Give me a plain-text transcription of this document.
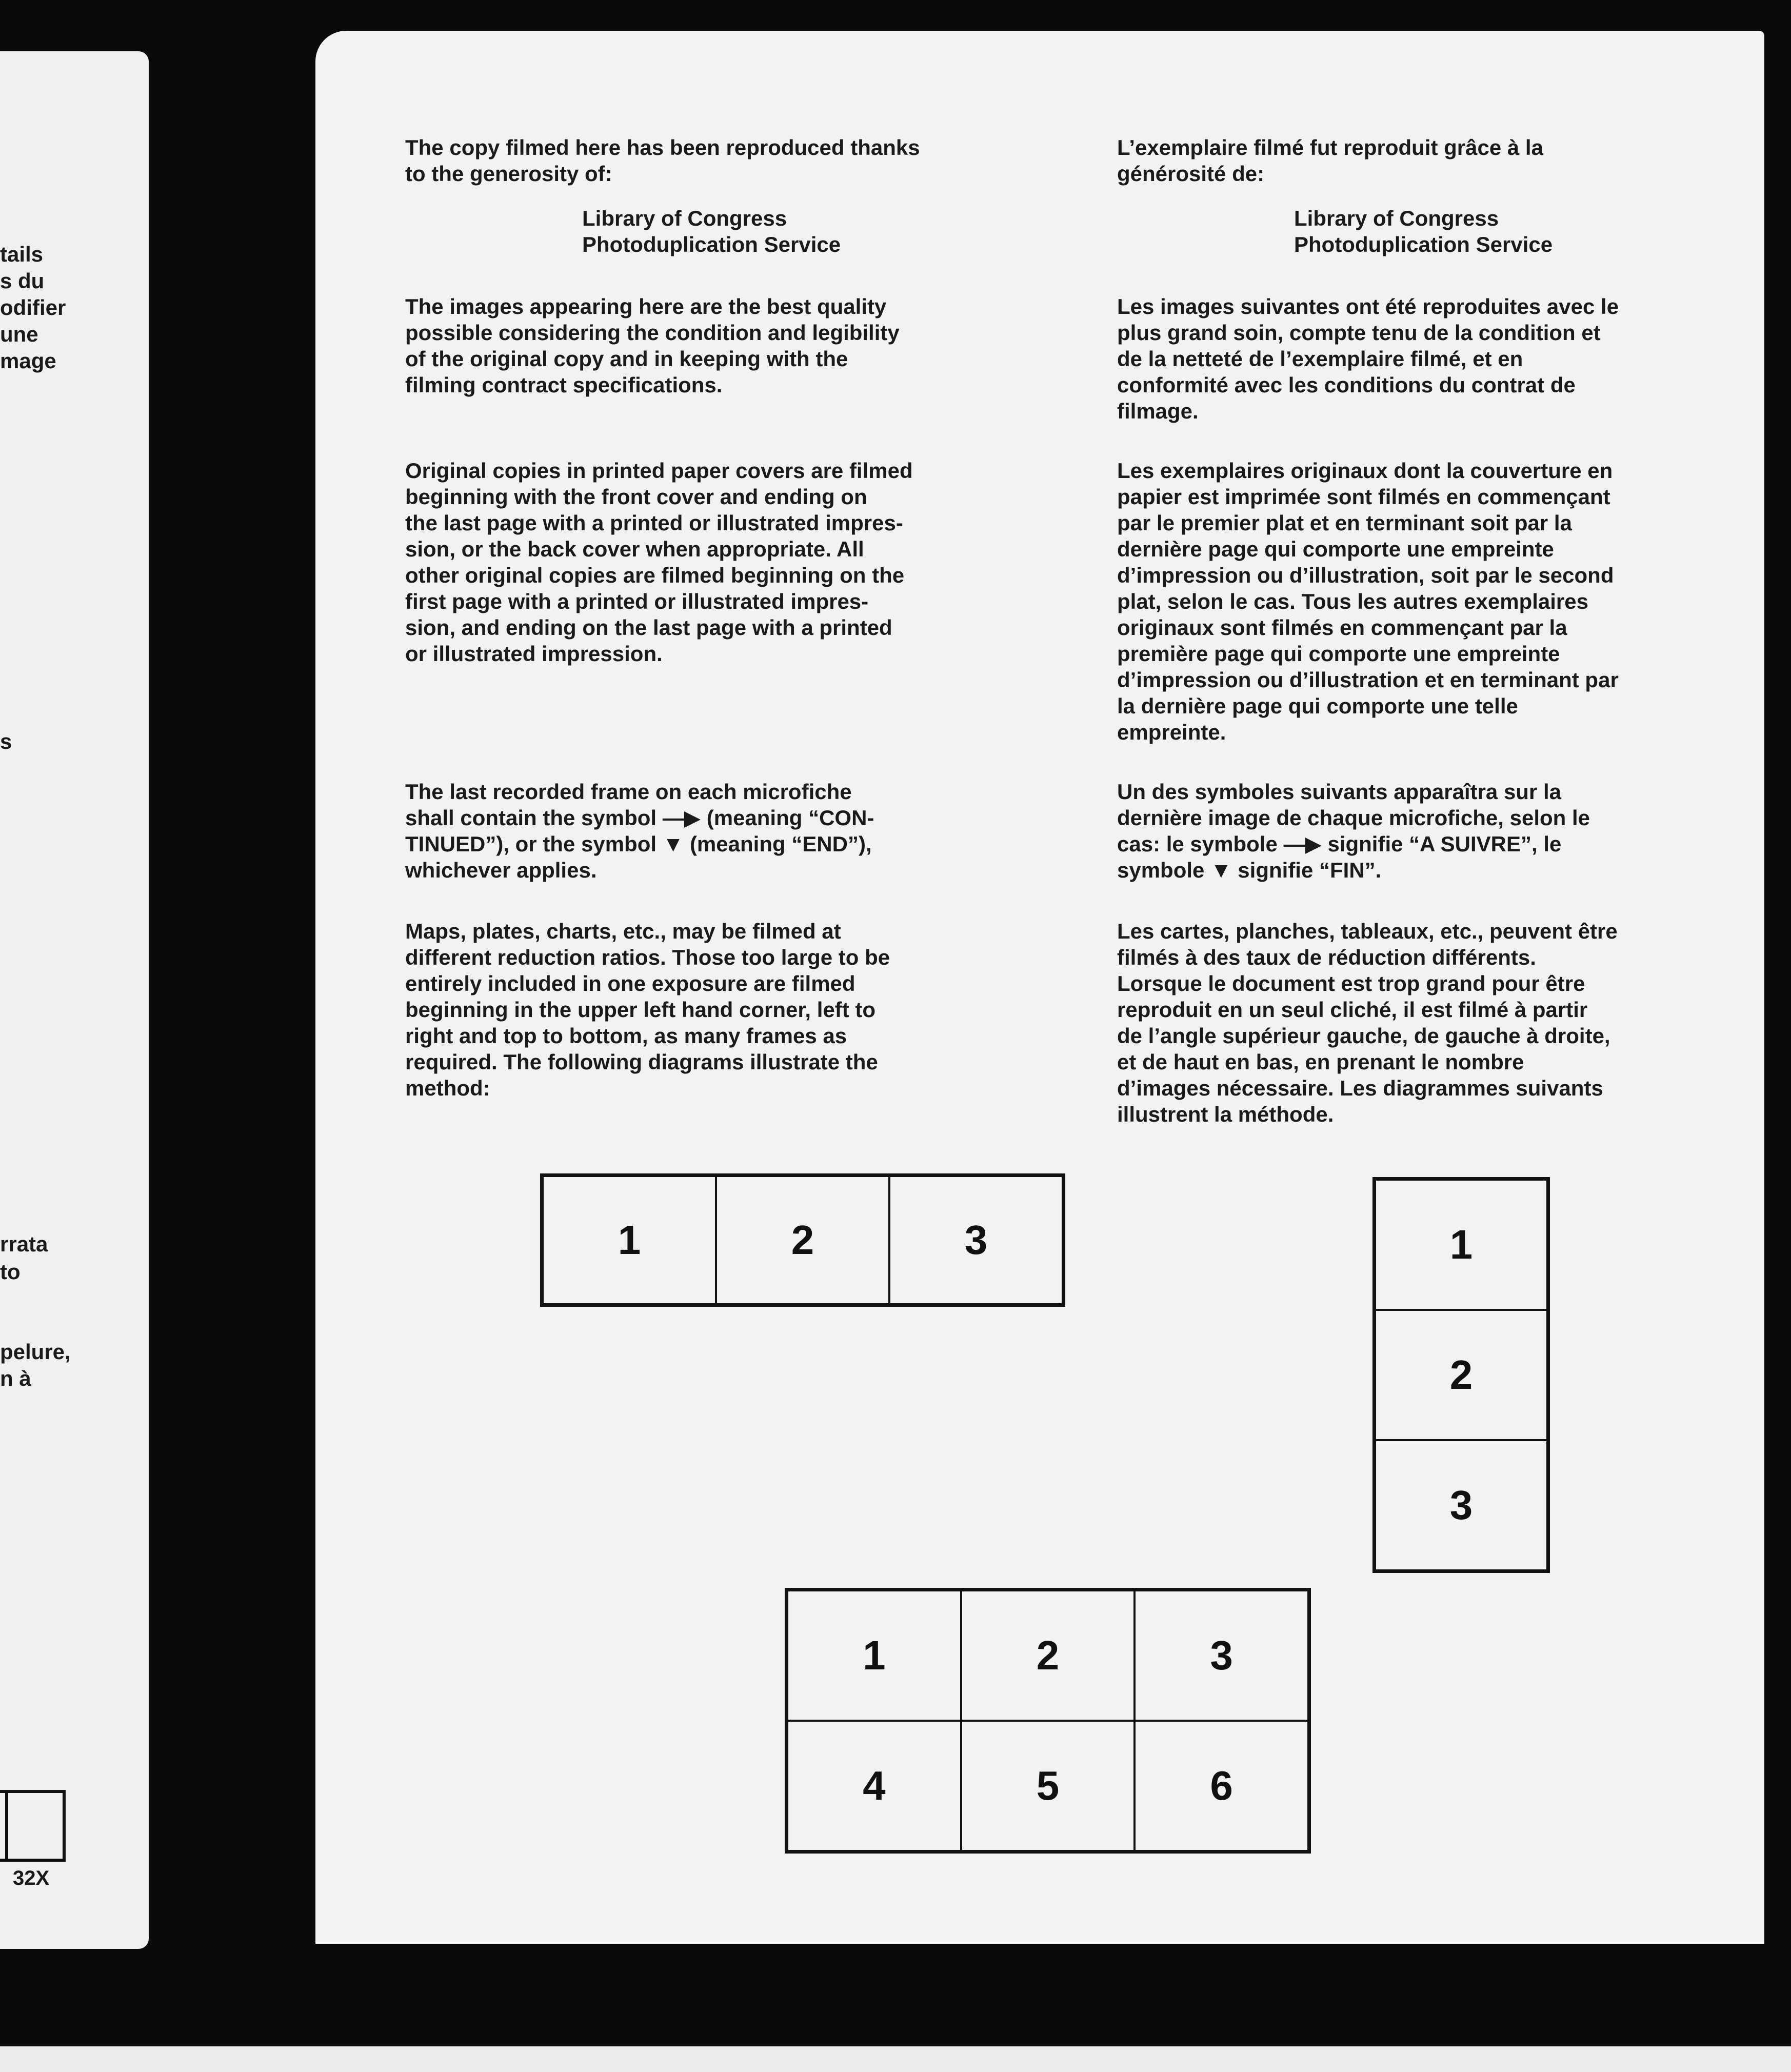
tails
s du
odifier
une
mage
s
rrata
to
pelure,
n à
32X

The copy filmed here has been reproduced thanks
to the generosity of:

Library of Congress
Photoduplication Service

The images appearing here are the best quality
possible considering the condition and legibility
of the original copy and in keeping with the
filming contract specifications.

Original copies in printed paper covers are filmed
beginning with the front cover and ending on
the last page with a printed or illustrated impres-
sion, or the back cover when appropriate. All
other original copies are filmed beginning on the
first page with a printed or illustrated impres-
sion, and ending on the last page with a printed
or illustrated impression.

The last recorded frame on each microfiche
shall contain the symbol —▶ (meaning “CON-
TINUED”), or the symbol ▼ (meaning “END”),
whichever applies.

Maps, plates, charts, etc., may be filmed at
different reduction ratios. Those too large to be
entirely included in one exposure are filmed
beginning in the upper left hand corner, left to
right and top to bottom, as many frames as
required. The following diagrams illustrate the
method:

L’exemplaire filmé fut reproduit grâce à la
générosité de:

Library of Congress
Photoduplication Service

Les images suivantes ont été reproduites avec le
plus grand soin, compte tenu de la condition et
de la netteté de l’exemplaire filmé, et en
conformité avec les conditions du contrat de
filmage.

Les exemplaires originaux dont la couverture en
papier est imprimée sont filmés en commençant
par le premier plat et en terminant soit par la
dernière page qui comporte une empreinte
d’impression ou d’illustration, soit par le second
plat, selon le cas. Tous les autres exemplaires
originaux sont filmés en commençant par la
première page qui comporte une empreinte
d’impression ou d’illustration et en terminant par
la dernière page qui comporte une telle
empreinte.

Un des symboles suivants apparaîtra sur la
dernière image de chaque microfiche, selon le
cas: le symbole —▶ signifie “A SUIVRE”, le
symbole ▼ signifie “FIN”.

Les cartes, planches, tableaux, etc., peuvent être
filmés à des taux de réduction différents.
Lorsque le document est trop grand pour être
reproduit en un seul cliché, il est filmé à partir
de l’angle supérieur gauche, de gauche à droite,
et de haut en bas, en prenant le nombre
d’images nécessaire. Les diagrammes suivants
illustrent la méthode.

1	2	3	1
2
3
1	2	3
4	5	6
